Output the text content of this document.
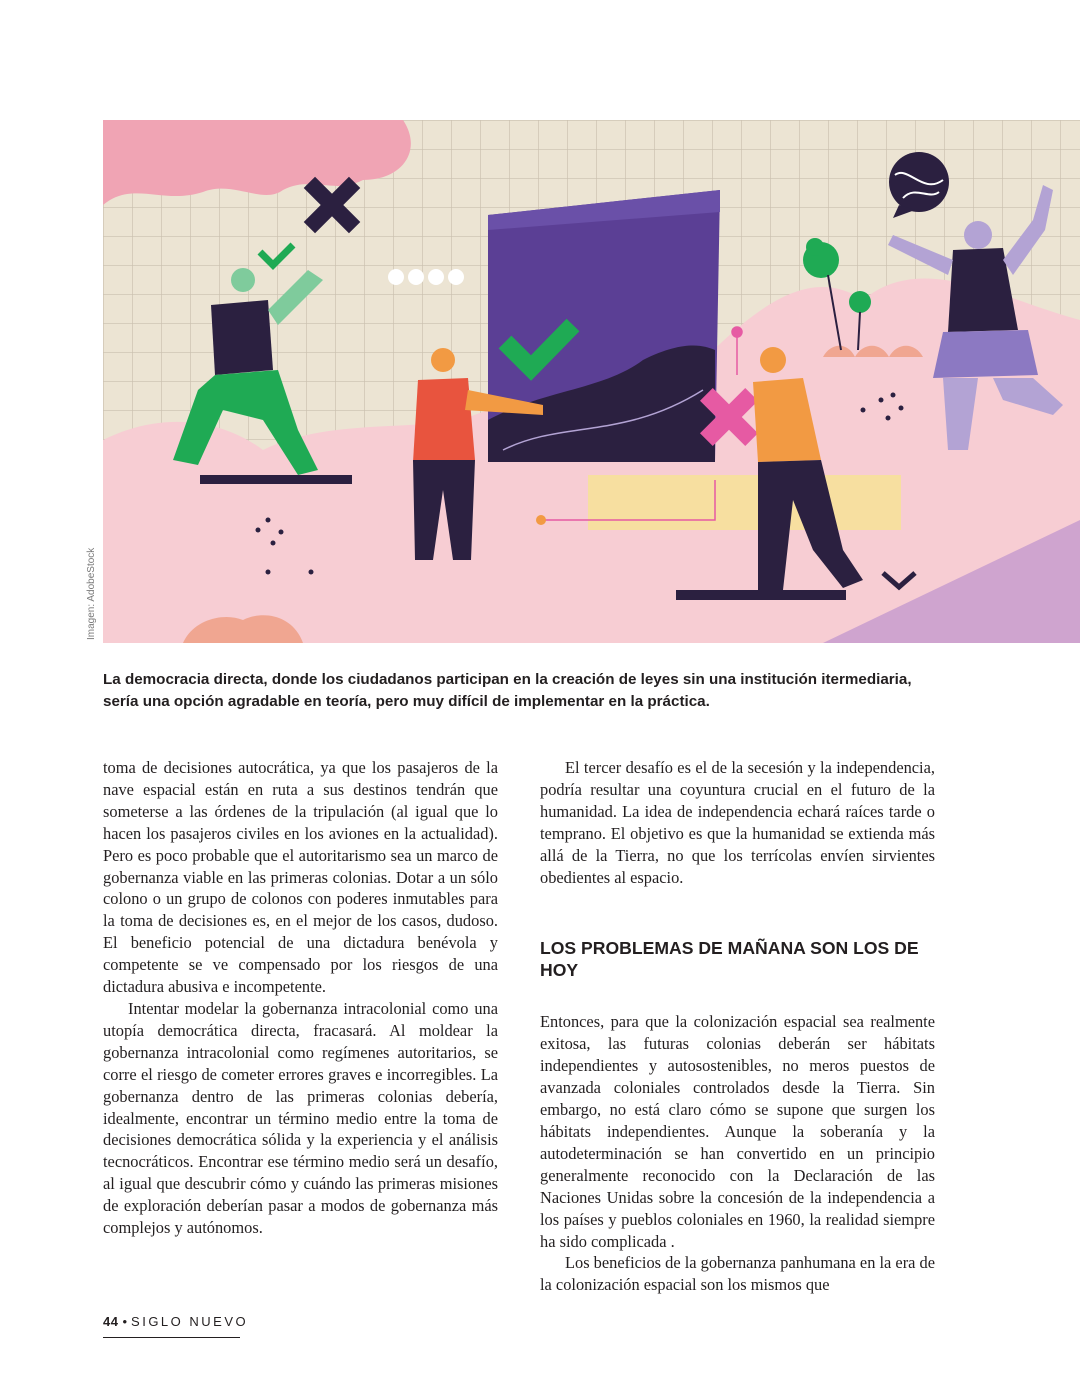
Imagen: AdobeStock
La democracia directa, donde los ciudadanos participan en la creación de leyes sin una institución itermediaria, sería una opción agradable en teoría, pero muy difícil de implementar en la práctica.

toma de decisiones autocrática, ya que los pasajeros de la nave espacial están en ruta a sus destinos tendrán que someterse a las órdenes de la tripulación (al igual que lo hacen los pasajeros civiles en los aviones en la actualidad). Pero es poco probable que el autoritarismo sea un marco de gobernanza viable en las primeras colonias. Dotar a un sólo colono o un grupo de colonos con poderes inmutables para la toma de decisiones es, en el mejor de los casos, dudoso. El beneficio potencial de una dictadura benévola y competente se ve compensado por los riesgos de una dictadura abusiva e incompetente.

Intentar modelar la gobernanza intracolonial como una utopía democrática directa, fracasará. Al moldear la gobernanza intracolonial como regímenes autoritarios, se corre el riesgo de cometer errores graves e incorregibles. La gobernanza dentro de las primeras colonias debería, idealmente, encontrar un término medio entre la toma de decisiones democrática sólida y la experiencia y el análisis tecnocráticos. Encontrar ese término medio será un desafío, al igual que descubrir cómo y cuándo las primeras misiones de exploración deberían pasar a modos de gobernanza más complejos y autónomos.

El tercer desafío es el de la secesión y la independencia, podría resultar una coyuntura crucial en el futuro de la humanidad. La idea de independencia echará raíces tarde o temprano. El objetivo es que la humanidad se extienda más allá de la Tierra, no que los terrícolas envíen sirvientes obedientes al espacio.

LOS PROBLEMAS DE MAÑANA SON LOS DE HOY

Entonces, para que la colonización espacial sea realmente exitosa, las futuras colonias deberán ser hábitats independientes y autosostenibles, no meros puestos de avanzada coloniales controlados desde la Tierra. Sin embargo, no está claro cómo se supone que surgen los hábitats independientes. Aunque la soberanía y la autodeterminación se han convertido en un principio generalmente reconocido con la Declaración de las Naciones Unidas sobre la concesión de la independencia a los países y pueblos coloniales en 1960, la realidad siempre ha sido complicada .

Los beneficios de la gobernanza panhumana en la era de la colonización espacial son los mismos que

44 • SIGLO NUEVO
